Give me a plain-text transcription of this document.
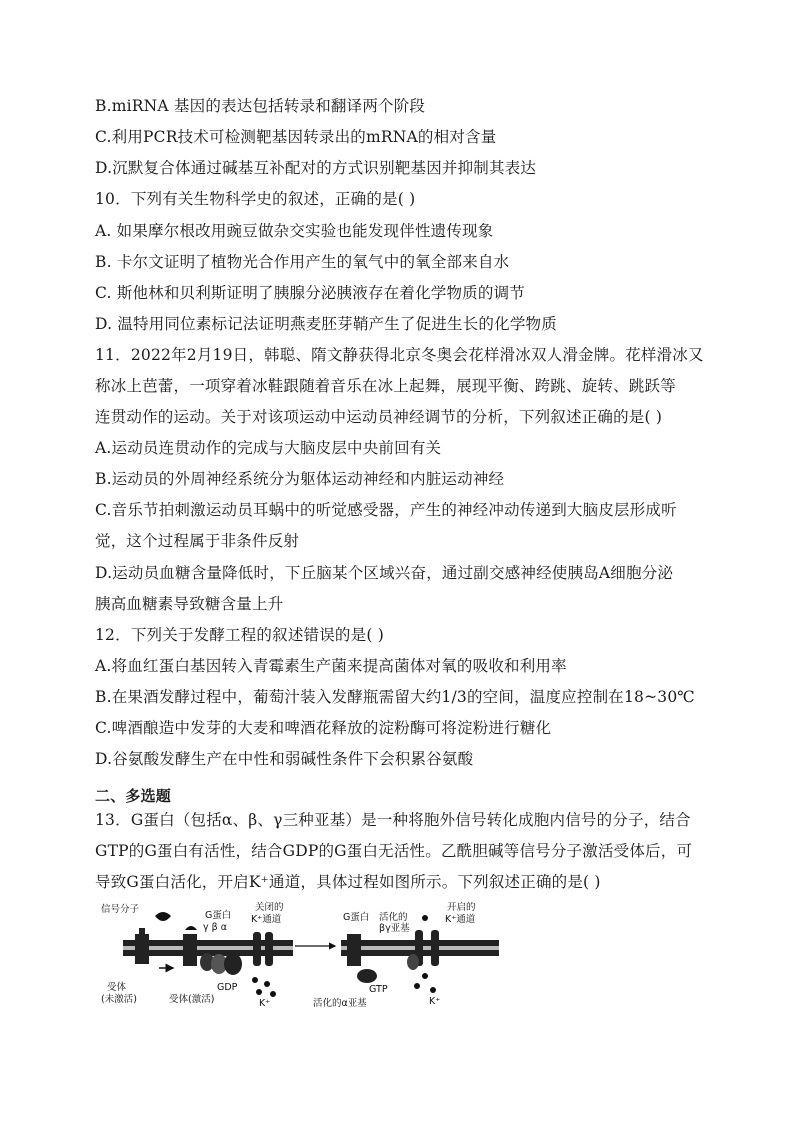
B.miRNA 基因的表达包括转录和翻译两个阶段
C.利用PCR技术可检测靶基因转录出的mRNA的相对含量
D.沉默复合体通过碱基互补配对的方式识别靶基因并抑制其表达
10．下列有关生物科学史的叙述，正确的是( )
A. 如果摩尔根改用豌豆做杂交实验也能发现伴性遗传现象
B. 卡尔文证明了植物光合作用产生的氧气中的氧全部来自水
C. 斯他林和贝利斯证明了胰腺分泌胰液存在着化学物质的调节
D. 温特用同位素标记法证明燕麦胚芽鞘产生了促进生长的化学物质
11．2022年2月19日，韩聪、隋文静获得北京冬奥会花样滑冰双人滑金牌。花样滑冰又
称冰上芭蕾，一项穿着冰鞋跟随着音乐在冰上起舞，展现平衡、跨跳、旋转、跳跃等
连贯动作的运动。关于对该项运动中运动员神经调节的分析，下列叙述正确的是( )
A.运动员连贯动作的完成与大脑皮层中央前回有关
B.运动员的外周神经系统分为躯体运动神经和内脏运动神经
C.音乐节拍刺激运动员耳蜗中的听觉感受器，产生的神经冲动传递到大脑皮层形成听
觉，这个过程属于非条件反射
D.运动员血糖含量降低时，下丘脑某个区域兴奋，通过副交感神经使胰岛A细胞分泌
胰高血糖素导致糖含量上升
12．下列关于发酵工程的叙述错误的是( )
A.将血红蛋白基因转入青霉素生产菌来提高菌体对氧的吸收和利用率
B.在果酒发酵过程中，葡萄汁装入发酵瓶需留大约1/3的空间，温度应控制在18~30℃
C.啤酒酿造中发芽的大麦和啤酒花释放的淀粉酶可将淀粉进行糖化
D.谷氨酸发酵生产在中性和弱碱性条件下会积累谷氨酸
二、多选题
13．G蛋白（包括α、β、γ三种亚基）是一种将胞外信号转化成胞内信号的分子，结合
GTP的G蛋白有活性，结合GDP的G蛋白无活性。乙酰胆碱等信号分子激活受体后，可
导致G蛋白活化，开启K⁺通道，具体过程如图所示。下列叙述正确的是( )
信号分子
G蛋白
γ β α
关闭的
K⁺通道	G蛋白 活化的
βγ亚基
开启的
K⁺通道
受体
(未激活)	受体(激活)
GDP	GTP
K⁺	活化的α亚基	K⁺
